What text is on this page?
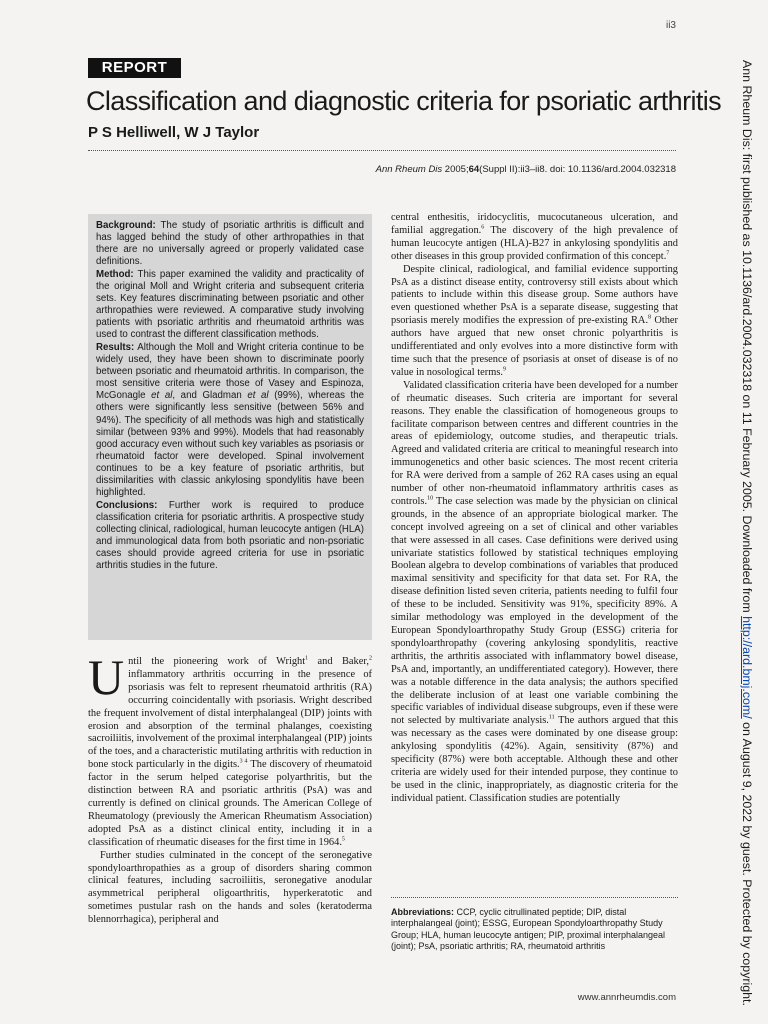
ii3
REPORT
Classification and diagnostic criteria for psoriatic arthritis
P S Helliwell, W J Taylor
Ann Rheum Dis 2005;64(Suppl II):ii3–ii8. doi: 10.1136/ard.2004.032318

Background: The study of psoriatic arthritis is difficult and has lagged behind the study of other arthropathies in that there are no universally agreed or properly validated case definitions.

Method: This paper examined the validity and practicality of the original Moll and Wright criteria and subsequent criteria sets. Key features discriminating between psoriatic and other arthropathies were reviewed. A comparative study involving patients with psoriatic arthritis and rheumatoid arthritis was used to contrast the different classification methods.

Results: Although the Moll and Wright criteria continue to be widely used, they have been shown to discriminate poorly between psoriatic and rheumatoid arthritis. In comparison, the most sensitive criteria were those of Vasey and Espinoza, McGonagle et al, and Gladman et al (99%), whereas the others were significantly less sensitive (between 56% and 94%). The specificity of all methods was high and statistically similar (between 93% and 99%). Models that had reasonably good accuracy even without such key variables as psoriasis or rheumatoid factor were developed. Spinal involvement continues to be a key feature of psoriatic arthritis, but dissimilarities with classic ankylosing spondylitis have been highlighted.

Conclusions: Further work is required to produce classification criteria for psoriatic arthritis. A prospective study collecting clinical, radiological, human leucocyte antigen (HLA) and immunological data from both psoriatic and non-psoriatic cases should provide agreed criteria for use in psoriatic arthritis studies in the future.

Until the pioneering work of Wright$^1$ and Baker,$^2$ inflammatory arthritis occurring in the presence of psoriasis was felt to represent rheumatoid arthritis (RA) occurring coincidentally with psoriasis. Wright described the frequent involvement of distal interphalangeal (DIP) joints with erosion and absorption of the terminal phalanges, coexisting sacroiliitis, involvement of the proximal interphalangeal (PIP) joints of the toes, and a characteristic mutilating arthritis with reduction in bone stock particularly in the digits.$^{3 4}$ The discovery of rheumatoid factor in the serum helped categorise polyarthritis, but the distinction between RA and psoriatic arthritis (PsA) was and currently is defined on clinical grounds. The American College of Rheumatology (previously the American Rheumatism Association) adopted PsA as a distinct clinical entity, including it in a classification of rheumatic diseases for the first time in 1964.$^5$

Further studies culminated in the concept of the seronegative spondyloarthropathies as a group of disorders sharing common clinical features, including sacroiliitis, seronegative anodular asymmetrical peripheral oligoarthritis, hyperkeratotic and sometimes pustular rash on the hands and soles (keratoderma blennorrhagica), peripheral and

central enthesitis, iridocyclitis, mucocutaneous ulceration, and familial aggregation.$^6$ The discovery of the high prevalence of human leucocyte antigen (HLA)-B27 in ankylosing spondylitis and other diseases in this group provided confirmation of this concept.$^7$

Despite clinical, radiological, and familial evidence supporting PsA as a distinct disease entity, controversy still exists about which patients to include within this disease group. Some authors have even questioned whether PsA is a separate disease, suggesting that psoriasis merely modifies the expression of pre-existing RA.$^8$ Other authors have argued that new onset chronic polyarthritis is undifferentiated and only evolves into a more distinctive form with time such that the presence of psoriasis at onset of disease is of no value in nosological terms.$^9$

Validated classification criteria have been developed for a number of rheumatic diseases. Such criteria are important for several reasons. They enable the classification of homogeneous groups to facilitate comparison between centres and different countries in the areas of epidemiology, outcome studies, and therapeutic trials. Agreed and validated criteria are critical to meaningful research into immunogenetics and other basic sciences. The most recent criteria for RA were derived from a sample of 262 RA cases using an equal number of other non-rheumatoid inflammatory arthritis cases as controls.$^{10}$ The case selection was made by the physician on clinical grounds, in the absence of an appropriate biological marker. The concept involved agreeing on a set of clinical and other variables that were assessed in all cases. Case definitions were derived using univariate statistics followed by statistical techniques employing Boolean algebra to develop combinations of variables that produced maximal sensitivity and specificity for that data set. For RA, the disease definition listed seven criteria, patients needing to fulfil four of these to be included. Sensitivity was 91%, specificity 89%. A similar methodology was employed in the development of the European Spondyloarthropathy Study Group (ESSG) criteria for spondyloarthropathy (covering ankylosing spondylitis, reactive arthritis, the arthritis associated with inflammatory bowel disease, PsA and, importantly, an undifferentiated category). However, there was a notable difference in the data analysis; the authors specified the deliberate inclusion of at least one variable combining the specific variables of individual disease subgroups, even if these were not selected by multivariate analysis.$^{11}$ The authors argued that this was necessary as the cases were dominated by one disease group: ankylosing spondylitis (42%). Again, sensitivity (87%) and specificity (87%) were both acceptable. Although these and other criteria are widely used for their intended purpose, they continue to be used in the clinic, inappropriately, as diagnostic criteria for the individual patient. Classification studies are potentially

Abbreviations: CCP, cyclic citrullinated peptide; DIP, distal interphalangeal (joint); ESSG, European Spondyloarthropathy Study Group; HLA, human leucocyte antigen; PIP, proximal interphalangeal (joint); PsA, psoriatic arthritis; RA, rheumatoid arthritis
www.annrheumdis.com
Ann Rheum Dis: first published as 10.1136/ard.2004.032318 on 11 February 2005. Downloaded from http://ard.bmj.com/ on August 9, 2022 by guest. Protected by copyright.
